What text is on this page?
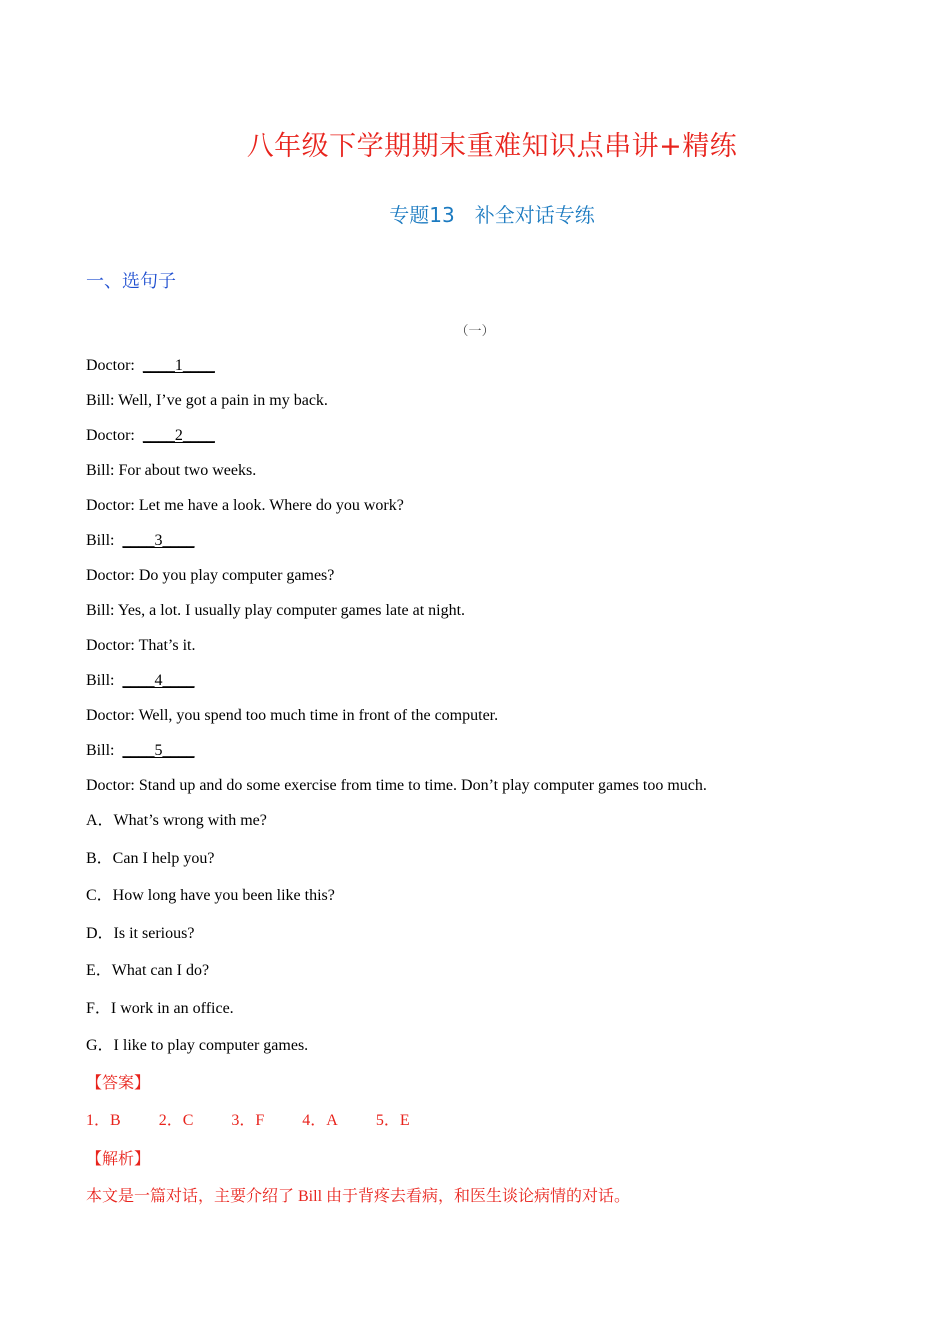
八年级下学期期末重难知识点串讲+精练
专题13　补全对话专练
一、选句子
（一）
Doctor: ____1____
Bill: Well, I’ve got a pain in my back.
Doctor: ____2____
Bill: For about two weeks.
Doctor: Let me have a look. Where do you work?
Bill: ____3____
Doctor: Do you play computer games?
Bill: Yes, a lot. I usually play computer games late at night.
Doctor: That’s it.
Bill: ____4____
Doctor: Well, you spend too much time in front of the computer.
Bill: ____5____
Doctor: Stand up and do some exercise from time to time. Don’t play computer games too much.
A．What’s wrong with me?
B．Can I help you?
C．How long have you been like this?
D．Is it serious?
E．What can I do?
F．I work in an office.
G．I like to play computer games.
【答案】
1．B 2．C 3．F 4．A 5．E
【解析】
本文是一篇对话，主要介绍了 Bill 由于背疼去看病，和医生谈论病情的对话。
